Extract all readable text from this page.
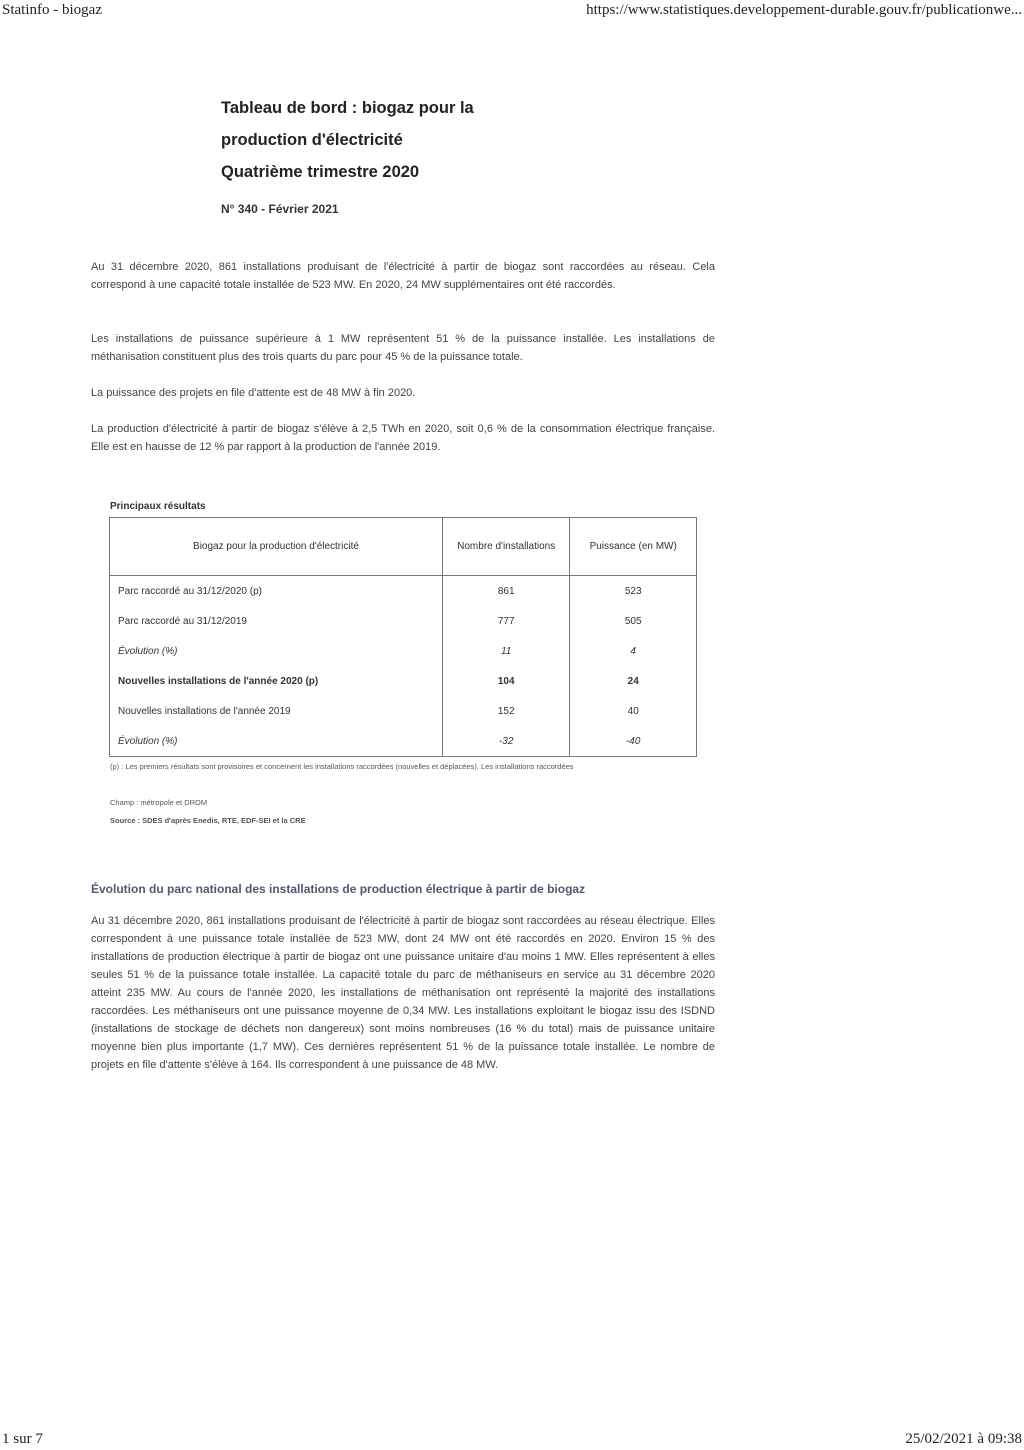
Statinfo - biogaz	https://www.statistiques.developpement-durable.gouv.fr/publicationwe...
Tableau de bord : biogaz pour la
production d'électricité
Quatrième trimestre 2020
N° 340 - Février 2021

Au 31 décembre 2020, 861 installations produisant de l'électricité à partir de biogaz sont raccordées au réseau. Cela correspond à une capacité totale installée de 523 MW. En 2020, 24 MW supplémentaires ont été raccordés.

Les installations de puissance supérieure à 1 MW représentent 51 % de la puissance installée. Les installations de méthanisation constituent plus des trois quarts du parc pour 45 % de la puissance totale.

La puissance des projets en file d'attente est de 48 MW à fin 2020.

La production d'électricité à partir de biogaz s'élève à 2,5 TWh en 2020, soit 0,6 % de la consommation électrique française. Elle est en hausse de 12 % par rapport à la production de l'année 2019.

Principaux résultats
Biogaz pour la production d'électricité	Nombre d'installations	Puissance (en MW)
Parc raccordé au 31/12/2020 (p)	861	523
Parc raccordé au 31/12/2019	777	505
Évolution (%)	11	4
Nouvelles installations de l'année 2020 (p)	104	24
Nouvelles installations de l'année 2019	152	40
Évolution (%)	-32	-40
(p) : Les premiers résultats sont provisoires et concernent les installations raccordées (nouvelles et déplacées). Les installations raccordées
Champ : métropole et DROM
Source : SDES d'après Enedis, RTE, EDF-SEI et la CRE
Évolution du parc national des installations de production électrique à partir de biogaz

Au 31 décembre 2020, 861 installations produisant de l'électricité à partir de biogaz sont raccordées au réseau électrique. Elles correspondent à une puissance totale installée de 523 MW, dont 24 MW ont été raccordés en 2020. Environ 15 % des installations de production électrique à partir de biogaz ont une puissance unitaire d'au moins 1 MW. Elles représentent à elles seules 51 % de la puissance totale installée. La capacité totale du parc de méthaniseurs en service au 31 décembre 2020 atteint 235 MW. Au cours de l'année 2020, les installations de méthanisation ont représenté la majorité des installations raccordées. Les méthaniseurs ont une puissance moyenne de 0,34 MW. Les installations exploitant le biogaz issu des ISDND (installations de stockage de déchets non dangereux) sont moins nombreuses (16 % du total) mais de puissance unitaire moyenne bien plus importante (1,7 MW). Ces dernières représentent 51 % de la puissance totale installée. Le nombre de projets en file d'attente s'élève à 164. Ils correspondent à une puissance de 48 MW.

1 sur 7	25/02/2021 à 09:38
